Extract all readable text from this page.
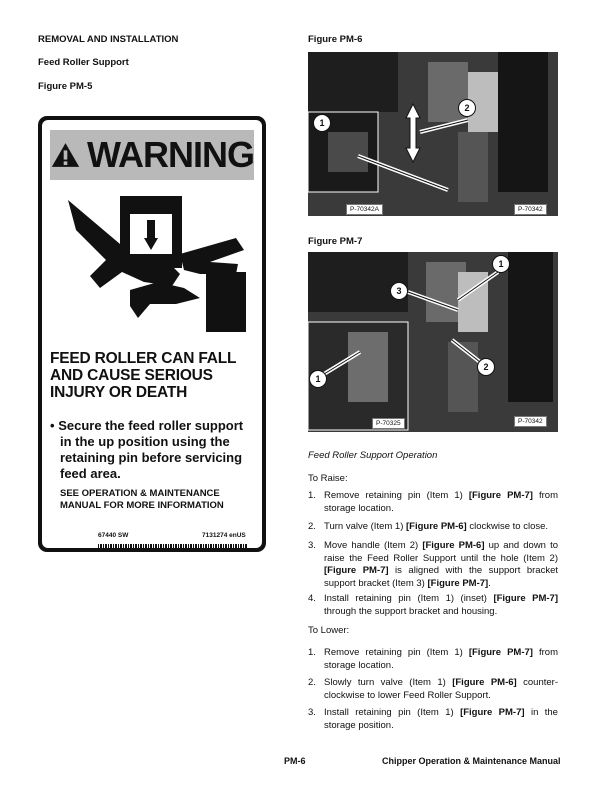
REMOVAL AND INSTALLATION
Feed Roller Support
Figure PM-5
WARNING
FEED ROLLER CAN FALL
AND CAUSE SERIOUS
INJURY OR DEATH
• Secure the feed roller support
in the up position using the
retaining pin before servicing
feed area.
SEE OPERATION & MAINTENANCE
MANUAL FOR MORE INFORMATION
67440 SW	7131274 enUS
Figure PM-6
1
2
P-70342A	P-70342
Figure PM-7
1
3
1
2
P-70325	P-70342
Feed Roller Support Operation
To Raise:
1. Remove retaining pin (Item 1) [Figure PM-7] from storage location.
2. Turn valve (Item 1) [Figure PM-6] clockwise to close.
3. Move handle (Item 2) [Figure PM-6] up and down to raise the Feed Roller Support until the hole (Item 2) [Figure PM-7] is aligned with the support bracket support bracket (Item 3) [Figure PM-7].
4. Install retaining pin (Item 1) (inset) [Figure PM-7] through the support bracket and housing.
To Lower:
1. Remove retaining pin (Item 1) [Figure PM-7] from storage location.
2. Slowly turn valve (Item 1) [Figure PM-6] counter-clockwise to lower Feed Roller Support.
3. Install retaining pin (Item 1) [Figure PM-7] in the storage position.
PM-6	Chipper Operation & Maintenance Manual
